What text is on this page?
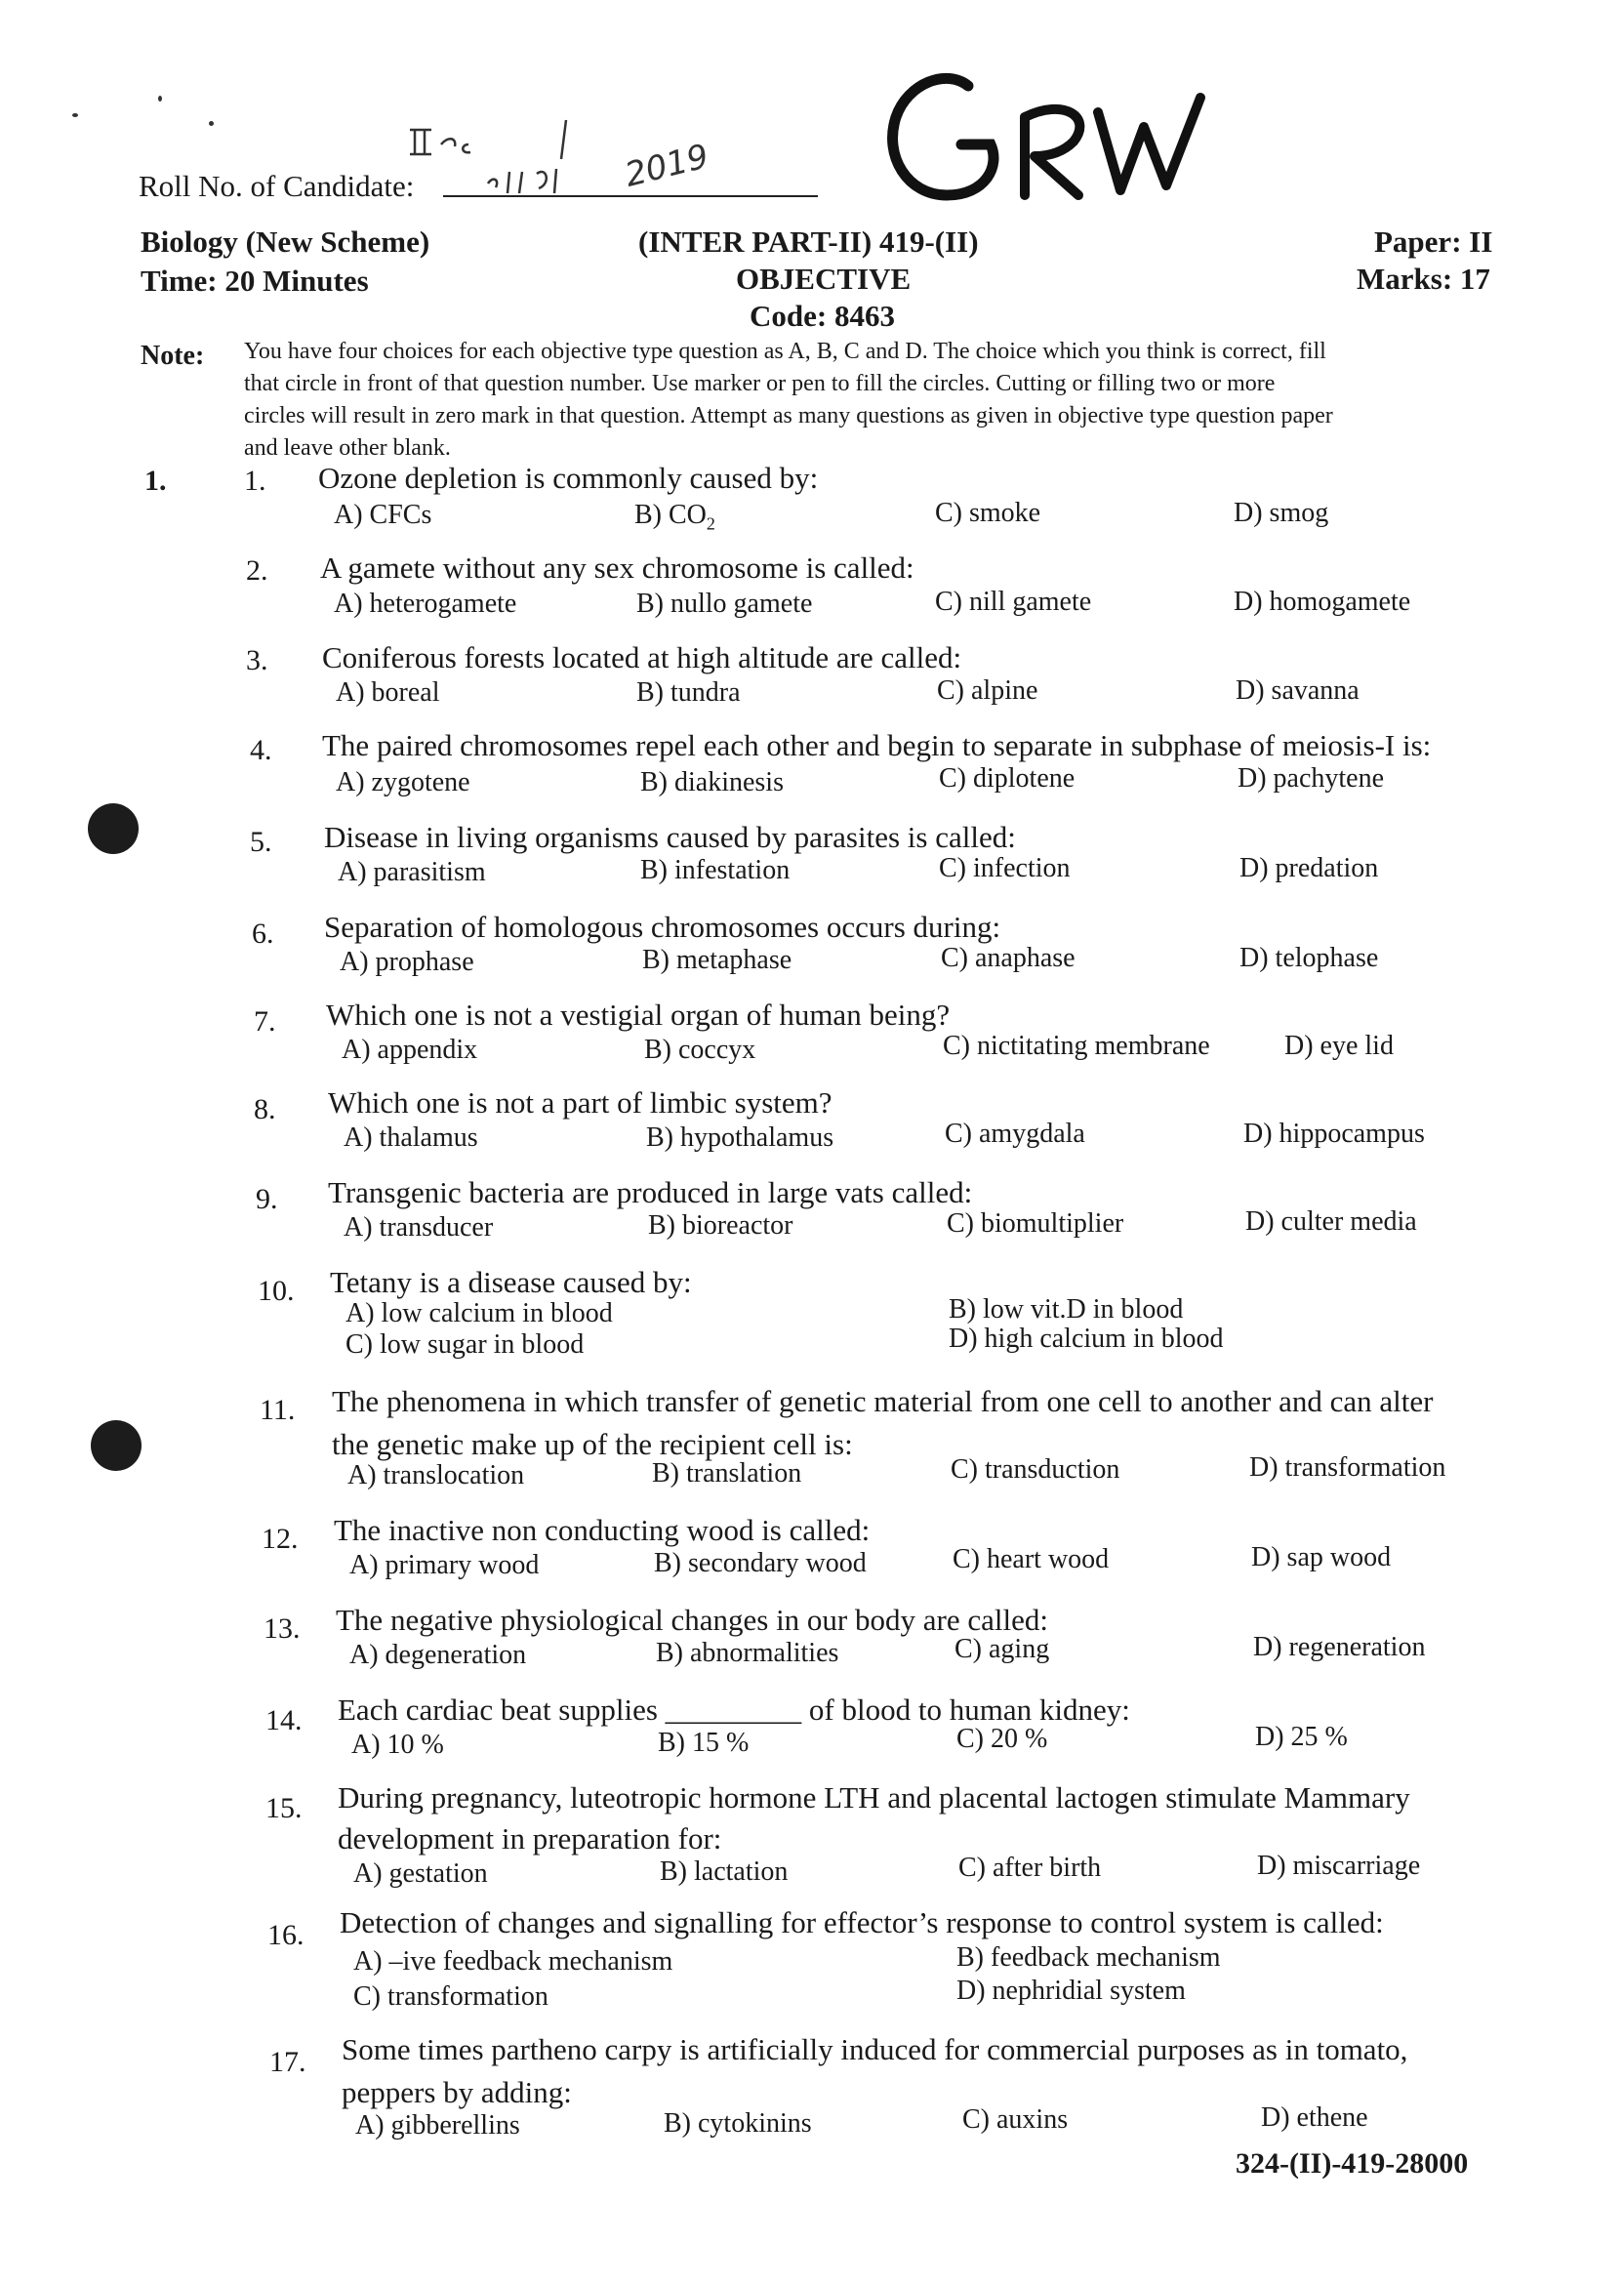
2019
Roll No. of Candidate:
Biology (New Scheme)
Time: 20 Minutes
(INTER PART-II) 419-(II)
OBJECTIVE
Code: 8463
Paper: II
Marks: 17
Note: You have four choices for each objective type question as A, B, C and D. The choice which you think is correct, fill
that circle in front of that question number. Use marker or pen to fill the circles. Cutting or filling two or more
circles will result in zero mark in that question. Attempt as many questions as given in objective type question paper
and leave other blank.
1.	1. Ozone depletion is commonly caused by:
A) CFCs	B) $CO_2$	C) smoke	D) smog
2. A gamete without any sex chromosome is called:
A) heterogamete	B) nullo gamete	C) nill gamete	D) homogamete
3. Coniferous forests located at high altitude are called:
A) boreal	B) tundra	C) alpine	D) savanna
4. The paired chromosomes repel each other and begin to separate in subphase of meiosis-I is:
A) zygotene	B) diakinesis	C) diplotene	D) pachytene
5. Disease in living organisms caused by parasites is called:
A) parasitism	B) infestation	C) infection	D) predation
6. Separation of homologous chromosomes occurs during:
A) prophase	B) metaphase	C) anaphase	D) telophase
7. Which one is not a vestigial organ of human being?
A) appendix	B) coccyx	C) nictitating membrane	D) eye lid
8. Which one is not a part of limbic system?
A) thalamus	B) hypothalamus	C) amygdala	D) hippocampus
9. Transgenic bacteria are produced in large vats called:
A) transducer	B) bioreactor	C) biomultiplier	D) culter media
10. Tetany is a disease caused by:
A) low calcium in blood	B) low vit.D in blood
C) low sugar in blood	D) high calcium in blood
11. The phenomena in which transfer of genetic material from one cell to another and can alter
the genetic make up of the recipient cell is:
A) translocation	B) translation	C) transduction	D) transformation
12. The inactive non conducting wood is called:
A) primary wood	B) secondary wood	C) heart wood	D) sap wood
13. The negative physiological changes in our body are called:
A) degeneration	B) abnormalities	C) aging	D) regeneration
14. Each cardiac beat supplies _________ of blood to human kidney:
A) 10 %	B) 15 %	C) 20 %	D) 25 %
15. During pregnancy, luteotropic hormone LTH and placental lactogen stimulate Mammary
development in preparation for:
A) gestation	B) lactation	C) after birth	D) miscarriage
16. Detection of changes and signalling for effector’s response to control system is called:
A) –ive feedback mechanism	B) feedback mechanism
C) transformation	D) nephridial system
17. Some times partheno carpy is artificially induced for commercial purposes as in tomato,
peppers by adding:
A) gibberellins	B) cytokinins	C) auxins	D) ethene
324-(II)-419-28000
